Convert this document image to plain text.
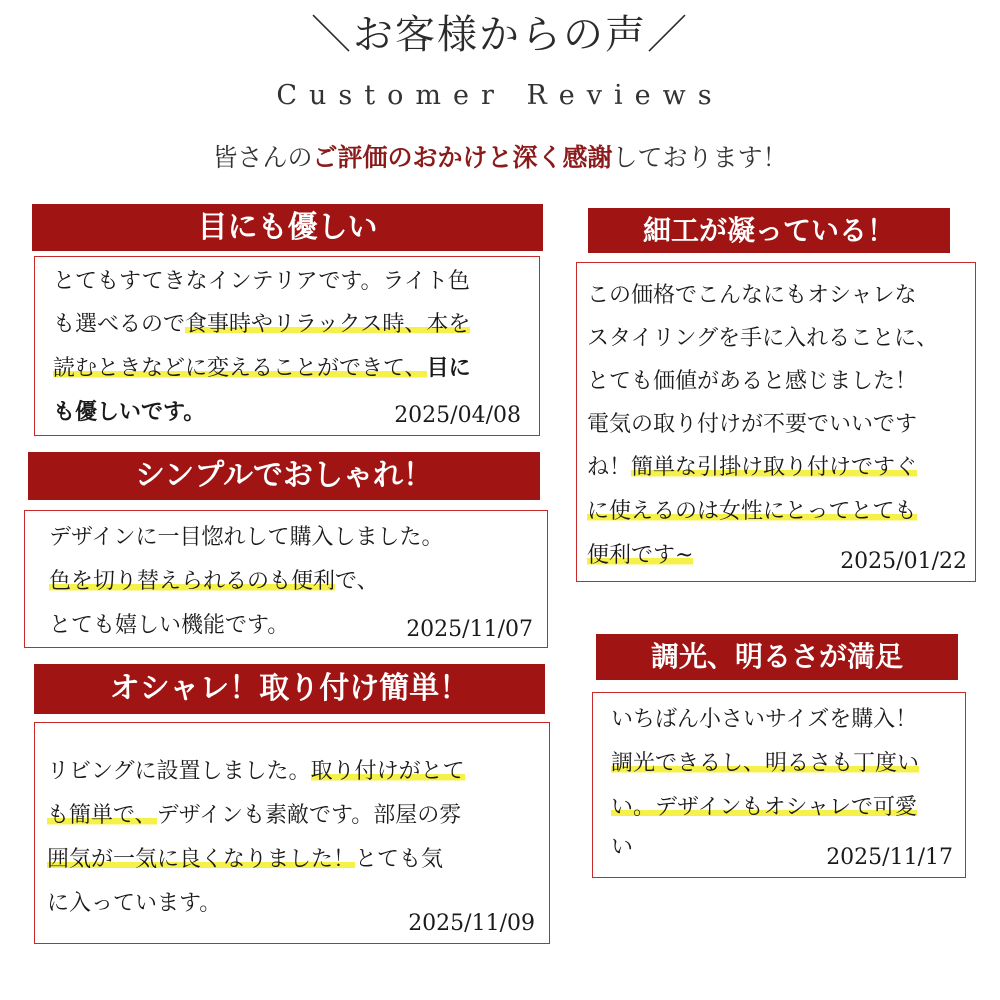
＼お客様からの声／
Customer Reviews
皆さんのご評価のおかけと深く感謝しております！
目にも優しい
とてもすてきなインテリアです。ライト色
も選べるので食事時やリラックス時、本を
読むときなどに変えることができて、目に
も優しいです。	2025/04/08
シンプルでおしゃれ！
デザインに一目惚れして購入しました。
色を切り替えられるのも便利で、
とても嬉しい機能です。	2025/11/07
オシャレ！取り付け簡単！
リビングに設置しました。取り付けがとて
も簡単で、デザインも素敵です。部屋の雰
囲気が一気に良くなりました！とても気
に入っています。
2025/11/09
細工が凝っている！
この価格でこんなにもオシャレな
スタイリングを手に入れることに、
とても価値があると感じました！
電気の取り付けが不要でいいです
ね！簡単な引掛け取り付けですぐ
に使えるのは女性にとってとても
便利です~	2025/01/22
調光、明るさが満足
いちばん小さいサイズを購入！
調光できるし、明るさも丁度い
い。デザインもオシャレで可愛
い	2025/11/17
